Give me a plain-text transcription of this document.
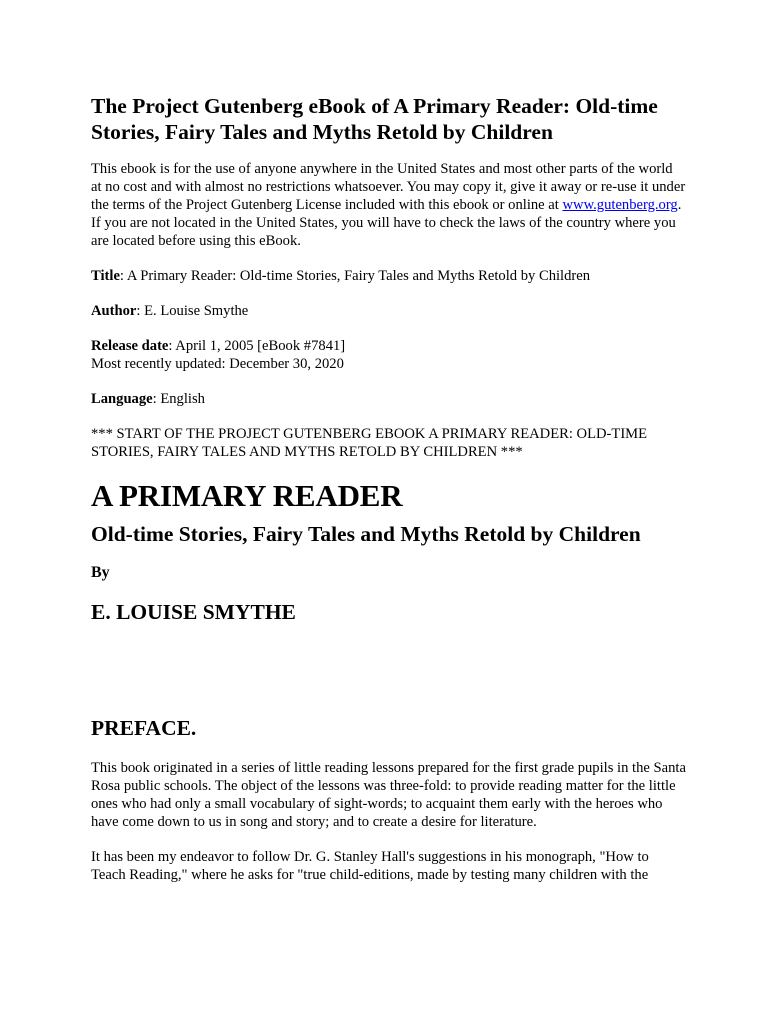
The Project Gutenberg eBook of A Primary Reader: Old-time Stories, Fairy Tales and Myths Retold by Children

This ebook is for the use of anyone anywhere in the United States and most other parts of the world at no cost and with almost no restrictions whatsoever. You may copy it, give it away or re-use it under the terms of the Project Gutenberg License included with this ebook or online at www.gutenberg.org. If you are not located in the United States, you will have to check the laws of the country where you are located before using this eBook.

Title: A Primary Reader: Old-time Stories, Fairy Tales and Myths Retold by Children

Author: E. Louise Smythe

Release date: April 1, 2005 [eBook #7841]
Most recently updated: December 30, 2020

Language: English

*** START OF THE PROJECT GUTENBERG EBOOK A PRIMARY READER: OLD-TIME STORIES, FAIRY TALES AND MYTHS RETOLD BY CHILDREN ***

A PRIMARY READER
Old-time Stories, Fairy Tales and Myths Retold by Children
By
E. LOUISE SMYTHE
PREFACE.

This book originated in a series of little reading lessons prepared for the first grade pupils in the Santa Rosa public schools. The object of the lessons was three-fold: to provide reading matter for the little ones who had only a small vocabulary of sight-words; to acquaint them early with the heroes who have come down to us in song and story; and to create a desire for literature.

It has been my endeavor to follow Dr. G. Stanley Hall's suggestions in his monograph, "How to Teach Reading," where he asks for "true child-editions, made by testing many children with the
